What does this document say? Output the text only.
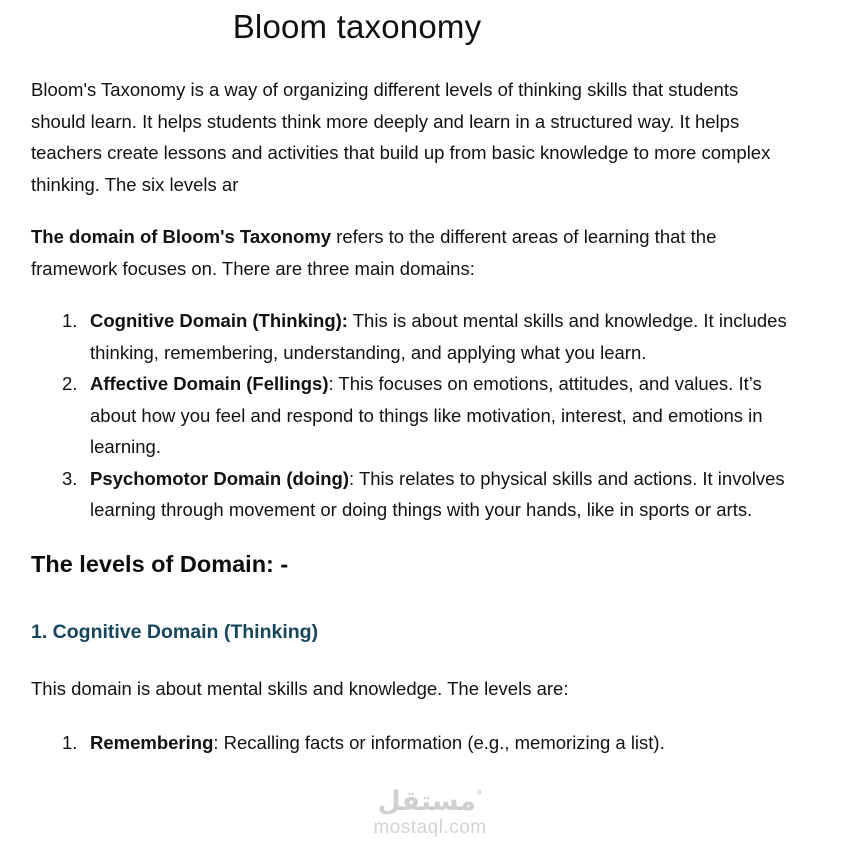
مستقل°
mostaql.com
Bloom taxonomy

Bloom's Taxonomy is a way of organizing different levels of thinking skills that students should learn. It helps students think more deeply and learn in a structured way. It helps teachers create lessons and activities that build up from basic knowledge to more complex thinking. The six levels ar

The domain of Bloom's Taxonomy refers to the different areas of learning that the framework focuses on. There are three main domains:

1. Cognitive Domain (Thinking): This is about mental skills and knowledge. It includes thinking, remembering, understanding, and applying what you learn.
2. Affective Domain (Fellings): This focuses on emotions, attitudes, and values. It’s about how you feel and respond to things like motivation, interest, and emotions in learning.
3. Psychomotor Domain (doing): This relates to physical skills and actions. It involves learning through movement or doing things with your hands, like in sports or arts.
The levels of Domain: -
1. Cognitive Domain (Thinking)

This domain is about mental skills and knowledge. The levels are:

1. Remembering: Recalling facts or information (e.g., memorizing a list).
